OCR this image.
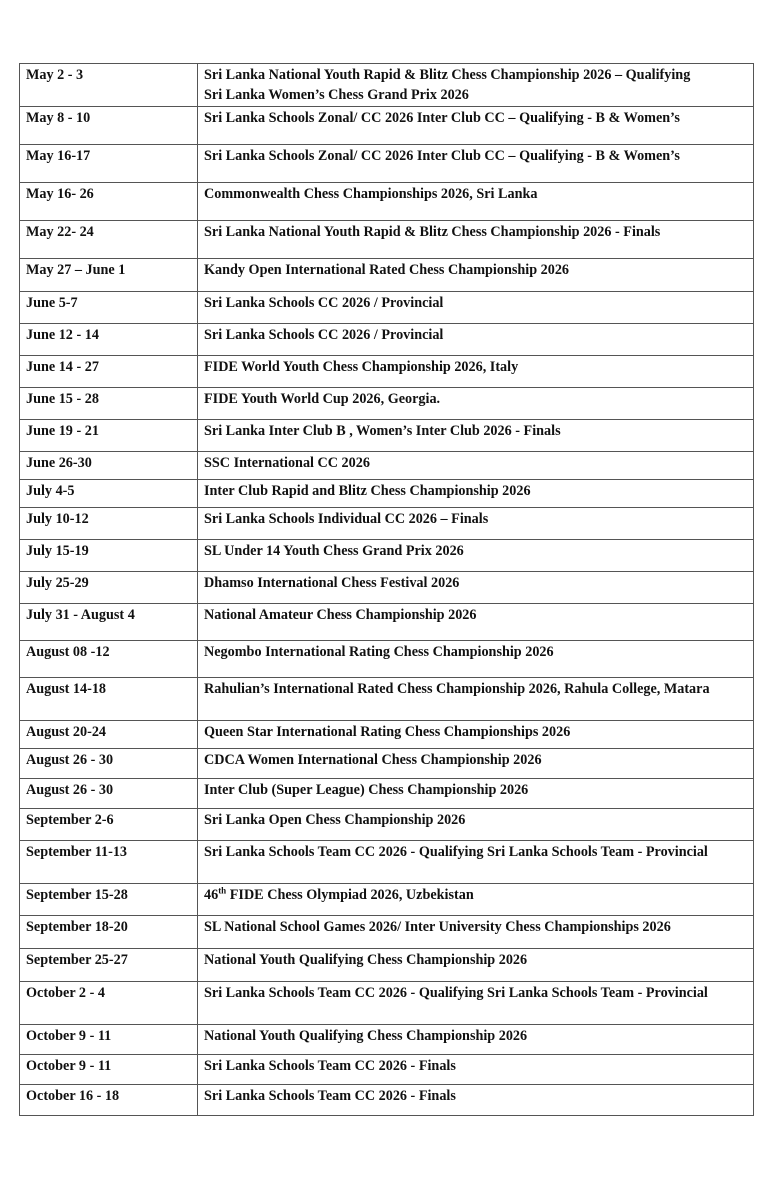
May 2 - 3	Sri Lanka National Youth Rapid & Blitz Chess Championship 2026 – Qualifying
Sri Lanka Women’s Chess Grand Prix 2026

May 8 - 10	Sri Lanka Schools Zonal/ CC 2026 Inter Club CC – Qualifying - B & Women’s
May 16-17	Sri Lanka Schools Zonal/ CC 2026 Inter Club CC – Qualifying - B & Women’s
May 16- 26	Commonwealth Chess Championships 2026, Sri Lanka
May 22- 24	Sri Lanka National Youth Rapid & Blitz Chess Championship 2026 - Finals
May 27 – June 1	Kandy Open International Rated Chess Championship 2026
June 5-7	Sri Lanka Schools CC 2026 / Provincial
June 12 - 14	Sri Lanka Schools CC 2026 / Provincial
June 14 - 27	FIDE World Youth Chess Championship 2026, Italy
June 15 - 28	FIDE Youth World Cup 2026, Georgia.
June 19 - 21	Sri Lanka Inter Club B , Women’s Inter Club 2026 - Finals
June 26-30	SSC International CC 2026
July 4-5	Inter Club Rapid and Blitz Chess Championship 2026
July 10-12	Sri Lanka Schools Individual CC 2026 – Finals
July 15-19	SL Under 14 Youth Chess Grand Prix 2026
July 25-29	Dhamso International Chess Festival 2026
July 31 - August 4	National Amateur Chess Championship 2026
August 08 -12	Negombo International Rating Chess Championship 2026
August 14-18	Rahulian’s International Rated Chess Championship 2026, Rahula College, Matara
August 20-24	Queen Star International Rating Chess Championships 2026
August 26 - 30	CDCA Women International Chess Championship 2026
August 26 - 30	Inter Club (Super League) Chess Championship 2026
September 2-6	Sri Lanka Open Chess Championship 2026
September 11-13	Sri Lanka Schools Team CC 2026 - Qualifying Sri Lanka Schools Team - Provincial
September 15-28	46th FIDE Chess Olympiad 2026, Uzbekistan
September 18-20	SL National School Games 2026/ Inter University Chess Championships 2026
September 25-27	National Youth Qualifying Chess Championship 2026
October 2 - 4	Sri Lanka Schools Team CC 2026 - Qualifying Sri Lanka Schools Team - Provincial
October 9 - 11	National Youth Qualifying Chess Championship 2026
October 9 - 11	Sri Lanka Schools Team CC 2026 - Finals
October 16 - 18	Sri Lanka Schools Team CC 2026 - Finals
